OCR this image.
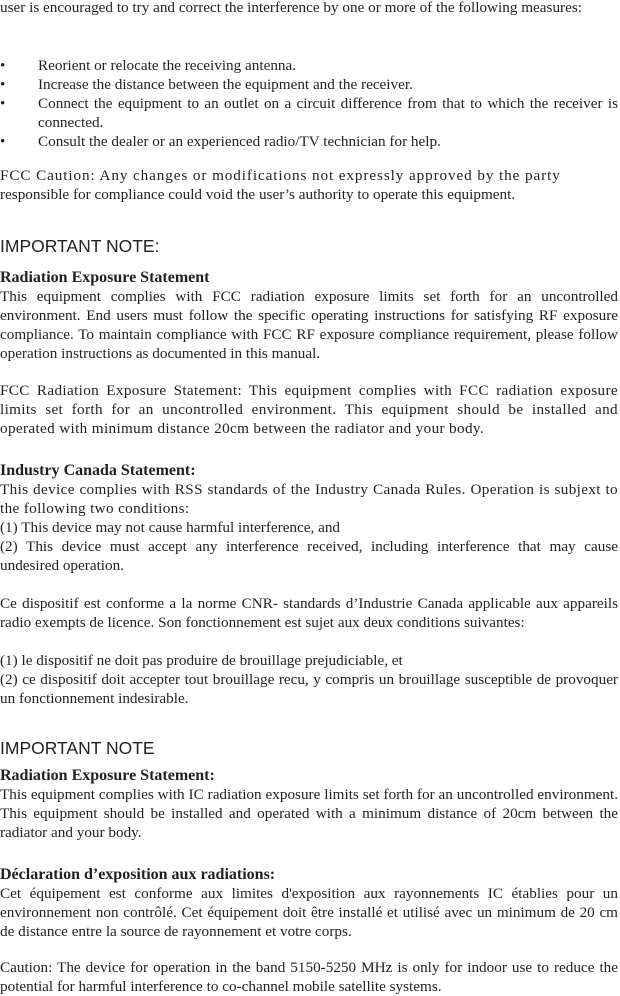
user is encouraged to try and correct the interference by one or more of the following measures:

• Reorient or relocate the receiving antenna.
• Increase the distance between the equipment and the receiver.
• Connect the equipment to an outlet on a circuit difference from that to which the receiver is connected.
• Consult the dealer or an experienced radio/TV technician for help.

FCC Caution: Any changes or modifications not expressly approved by the party

responsible for compliance could void the user’s authority to operate this equipment.

IMPORTANT NOTE:
Radiation Exposure Statement

This equipment complies with FCC radiation exposure limits set forth for an uncontrolled environment. End users must follow the specific operating instructions for satisfying RF exposure compliance. To maintain compliance with FCC RF exposure compliance requirement, please follow operation instructions as documented in this manual.

FCC Radiation Exposure Statement: This equipment complies with FCC radiation exposure limits set forth for an uncontrolled environment. This equipment should be installed and operated with minimum distance 20cm between the radiator and your body.

Industry Canada Statement:

This device complies with RSS standards of the Industry Canada Rules. Operation is subjext to the following two conditions:

(1) This device may not cause harmful interference, and

(2) This device must accept any interference received, including interference that may cause undesired operation.

Ce dispositif est conforme a la norme CNR- standards d’Industrie Canada applicable aux appareils radio exempts de licence. Son fonctionnement est sujet aux deux conditions suivantes:

(1) le dispositif ne doit pas produire de brouillage prejudiciable, et

(2) ce dispositif doit accepter tout brouillage recu, y compris un brouillage susceptible de provoquer un fonctionnement indesirable.

IMPORTANT NOTE
Radiation Exposure Statement:

This equipment complies with IC radiation exposure limits set forth for an uncontrolled environment. This equipment should be installed and operated with a minimum distance of 20cm between the radiator and your body.

Déclaration d’exposition aux radiations:

Cet équipement est conforme aux limites d'exposition aux rayonnements IC établies pour un environnement non contrôlé. Cet équipement doit être installé et utilisé avec un minimum de 20 cm de distance entre la source de rayonnement et votre corps.

Caution: The device for operation in the band 5150-5250 MHz is only for indoor use to reduce the potential for harmful interference to co-channel mobile satellite systems.
